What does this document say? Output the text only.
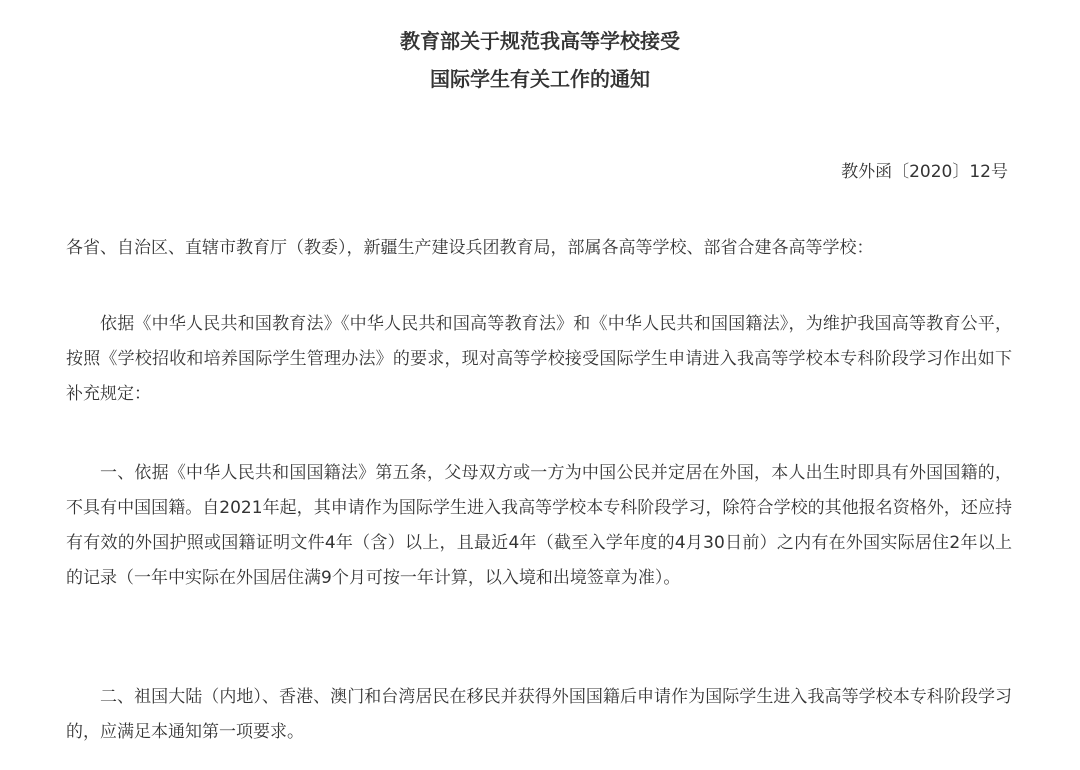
教育部关于规范我高等学校接受
国际学生有关工作的通知
教外函〔2020〕12号
各省、自治区、直辖市教育厅（教委），新疆生产建设兵团教育局，部属各高等学校、部省合建各高等学校：

依据《中华人民共和国教育法》《中华人民共和国高等教育法》和《中华人民共和国国籍法》，为维护我国高等教育公平，按照《学校招收和培养国际学生管理办法》的要求，现对高等学校接受国际学生申请进入我高等学校本专科阶段学习作出如下补充规定：

一、依据《中华人民共和国国籍法》第五条，父母双方或一方为中国公民并定居在外国，本人出生时即具有外国国籍的，不具有中国国籍。自2021年起，其申请作为国际学生进入我高等学校本专科阶段学习，除符合学校的其他报名资格外，还应持有有效的外国护照或国籍证明文件4年（含）以上，且最近4年（截至入学年度的4月30日前）之内有在外国实际居住2年以上的记录（一年中实际在外国居住满9个月可按一年计算，以入境和出境签章为准）。

二、祖国大陆（内地）、香港、澳门和台湾居民在移民并获得外国国籍后申请作为国际学生进入我高等学校本专科阶段学习的，应满足本通知第一项要求。
